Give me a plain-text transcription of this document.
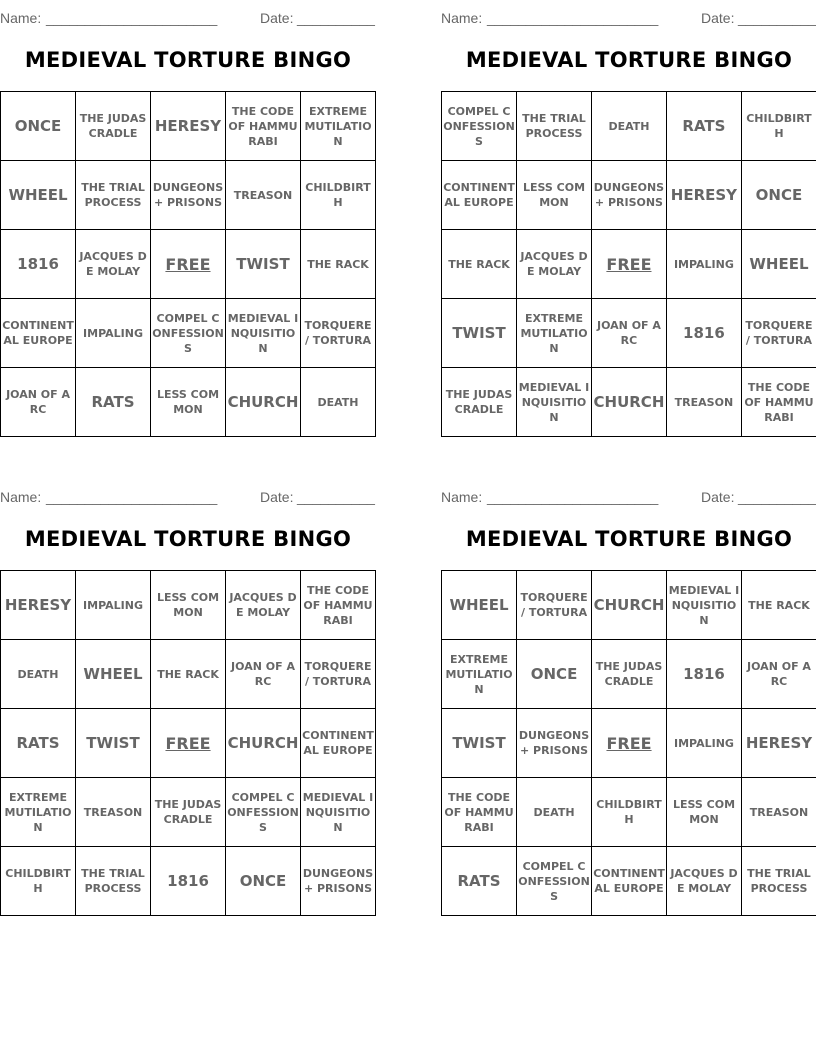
Name: ______________________	Date: __________
MEDIEVAL TORTURE BINGO
ONCE	THE JUDAS CRADLE	HERESY	THE CODE OF HAMMURABI	EXTREME MUTILATION
WHEEL	THE TRIAL PROCESS	DUNGEONS + PRISONS	TREASON	CHILDBIRTH
1816	JACQUES DE MOLAY	FREE	TWIST	THE RACK
CONTINENTAL EUROPE	IMPALING	COMPEL CONFESSIONS	MEDIEVAL INQUISITION	TORQUERE / TORTURA
JOAN OF ARC	RATS	LESS COMMON	CHURCH	DEATH
Name: ______________________	Date: __________
MEDIEVAL TORTURE BINGO
COMPEL CONFESSIONS	THE TRIAL PROCESS	DEATH	RATS	CHILDBIRTH
CONTINENTAL EUROPE	LESS COMMON	DUNGEONS + PRISONS	HERESY	ONCE
THE RACK	JACQUES DE MOLAY	FREE	IMPALING	WHEEL
TWIST	EXTREME MUTILATION	JOAN OF ARC	1816	TORQUERE / TORTURA
THE JUDAS CRADLE	MEDIEVAL INQUISITION	CHURCH	TREASON	THE CODE OF HAMMURABI
Name: ______________________	Date: __________
MEDIEVAL TORTURE BINGO
HERESY	IMPALING	LESS COMMON	JACQUES DE MOLAY	THE CODE OF HAMMURABI
DEATH	WHEEL	THE RACK	JOAN OF ARC	TORQUERE / TORTURA
RATS	TWIST	FREE	CHURCH	CONTINENTAL EUROPE
EXTREME MUTILATION	TREASON	THE JUDAS CRADLE	COMPEL CONFESSIONS	MEDIEVAL INQUISITION
CHILDBIRTH	THE TRIAL PROCESS	1816	ONCE	DUNGEONS + PRISONS
Name: ______________________	Date: __________
MEDIEVAL TORTURE BINGO
WHEEL	TORQUERE / TORTURA	CHURCH	MEDIEVAL INQUISITION	THE RACK
EXTREME MUTILATION	ONCE	THE JUDAS CRADLE	1816	JOAN OF ARC
TWIST	DUNGEONS + PRISONS	FREE	IMPALING	HERESY
THE CODE OF HAMMURABI	DEATH	CHILDBIRTH	LESS COMMON	TREASON
RATS	COMPEL CONFESSIONS	CONTINENTAL EUROPE	JACQUES DE MOLAY	THE TRIAL PROCESS
